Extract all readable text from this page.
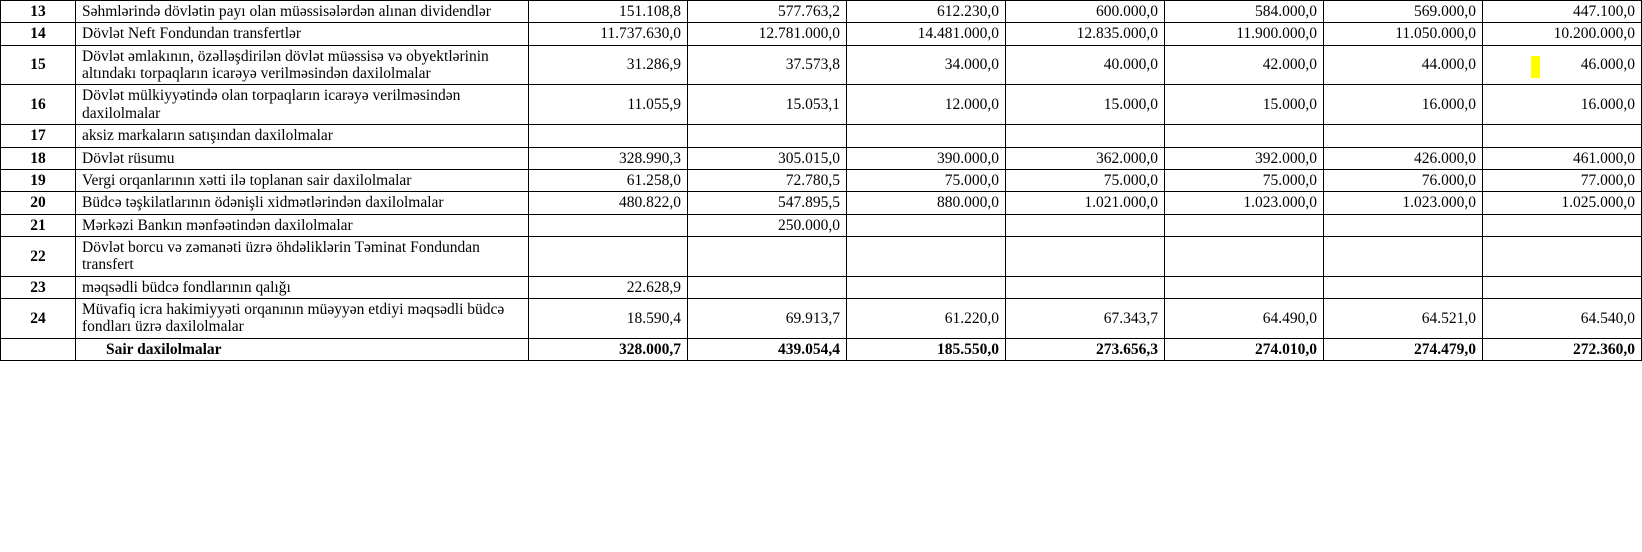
13	Səhmlərində dövlətin payı olan müəssisələrdən alınan dividendlər	151.108,8	577.763,2	612.230,0	600.000,0	584.000,0	569.000,0	447.100,0
14	Dövlət Neft Fondundan transfertlər	11.737.630,0	12.781.000,0	14.481.000,0	12.835.000,0	11.900.000,0	11.050.000,0	10.200.000,0
15	Dövlət əmlakının, özəlləşdirilən dövlət müəssisə və obyektlərinin altındakı torpaqların icarəyə verilməsindən daxilolmalar	31.286,9	37.573,8	34.000,0	40.000,0	42.000,0	44.000,0	46.000,0
16	Dövlət mülkiyyətində olan torpaqların icarəyə verilməsindən daxilolmalar	11.055,9	15.053,1	12.000,0	15.000,0	15.000,0	16.000,0	16.000,0
17	aksiz markaların satışından daxilolmalar							
18	Dövlət rüsumu	328.990,3	305.015,0	390.000,0	362.000,0	392.000,0	426.000,0	461.000,0
19	Vergi orqanlarının xətti ilə toplanan sair daxilolmalar	61.258,0	72.780,5	75.000,0	75.000,0	75.000,0	76.000,0	77.000,0
20	Büdcə təşkilatlarının ödənişli xidmətlərindən daxilolmalar	480.822,0	547.895,5	880.000,0	1.021.000,0	1.023.000,0	1.023.000,0	1.025.000,0
21	Mərkəzi Bankın mənfəətindən daxilolmalar		250.000,0					
22	Dövlət borcu və zəmanəti üzrə öhdəliklərin Təminat Fondundan transfert							
23	məqsədli büdcə fondlarının qalığı	22.628,9						
24	Müvafiq icra hakimiyyəti orqanının müəyyən etdiyi məqsədli büdcə fondları üzrə daxilolmalar	18.590,4	69.913,7	61.220,0	67.343,7	64.490,0	64.521,0	64.540,0
	Sair daxilolmalar	328.000,7	439.054,4	185.550,0	273.656,3	274.010,0	274.479,0	272.360,0
